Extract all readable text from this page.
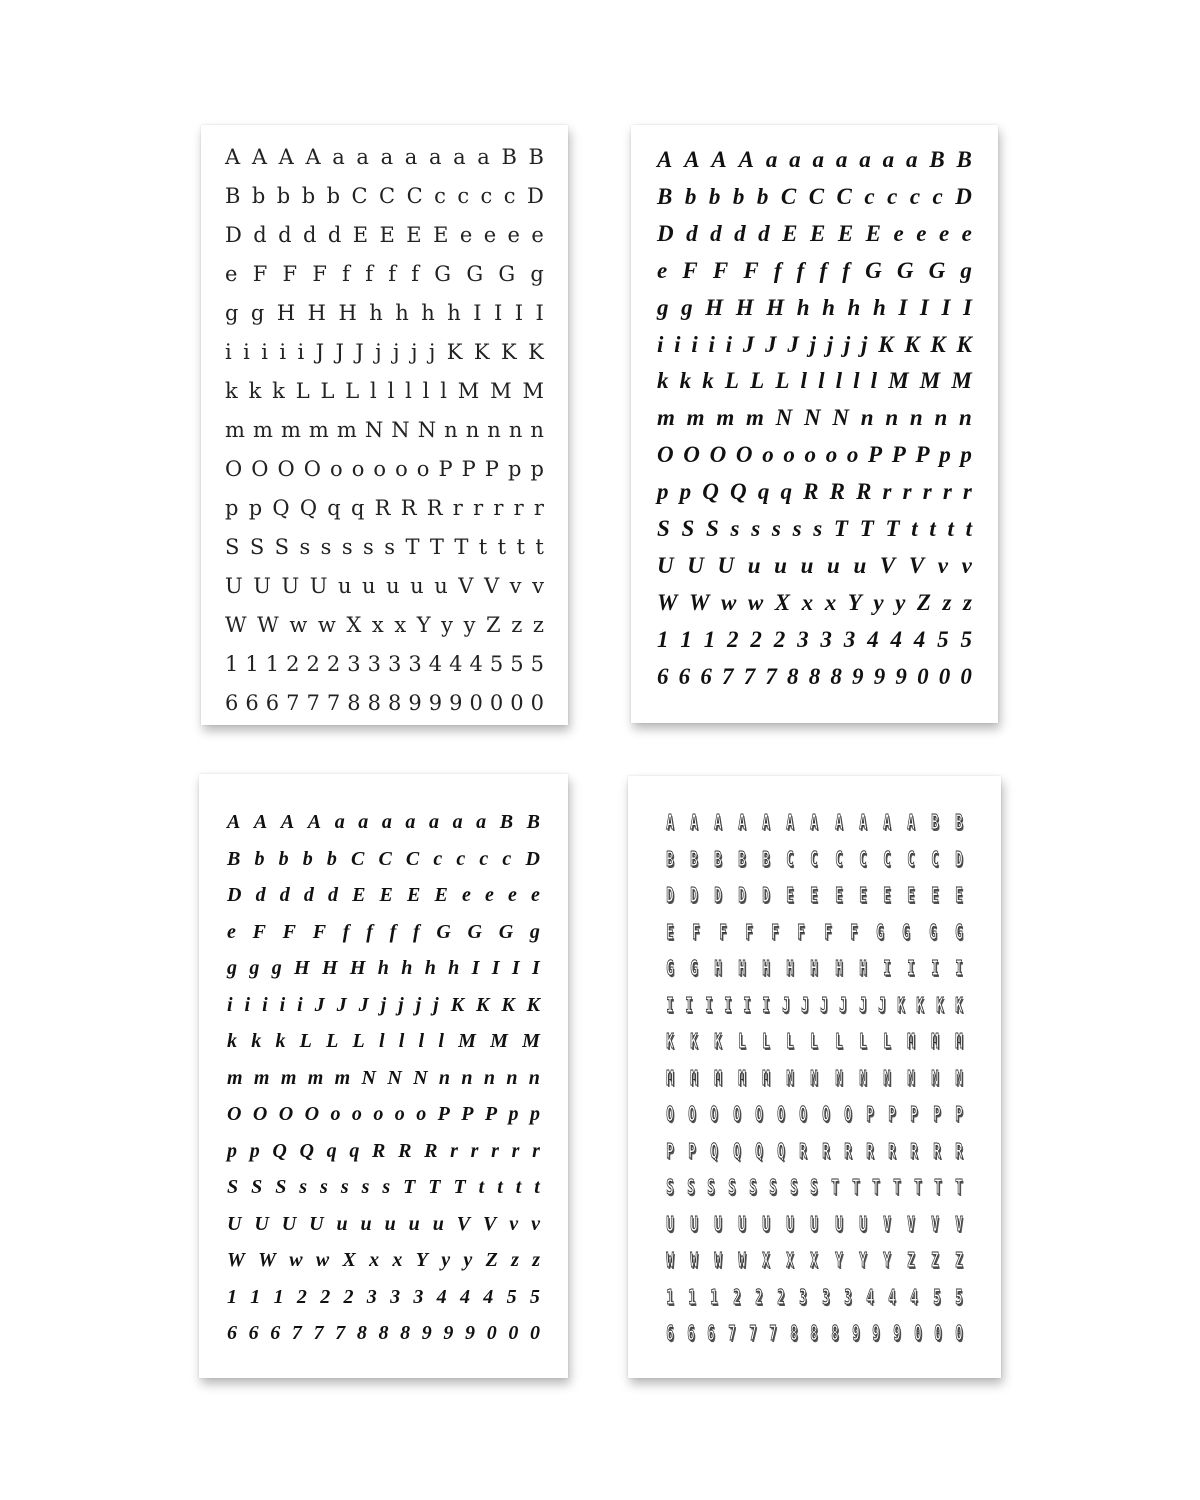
A A A A a a a a a a a B B
B b b b b C C C c c c c D
D d d d d E E E E e e e e
e F F F f f f f G G G g
g g H H H h h h h I I I I
i i i i i J J J j j j j K K K K
k k k L L L l l l l l M M M
m m m m m N N N n n n n n
O O O O o o o o o P P P p p
p p Q Q q q R R R r r r r r
S S S s s s s s T T T t t t t
U U U U u u u u u V V v v
W W w w X x x Y y y Z z z
1 1 1 2 2 2 3 3 3 3 4 4 4 5 5 5
6 6 6 7 7 7 8 8 8 9 9 9 0 0 0 0
A A A A a a a a a a a B B
B b b b b C C C c c c c D
D d d d d E E E E e e e e
e F F F f f f f G G G g
g g H H H h h h h I I I I
i i i i i J J J j j j j K K K K
k k k L L L l l l l l M M M
m m m m N N N n n n n n
O O O O o o o o o P P P p p
p p Q Q q q R R R r r r r r
S S S s s s s s T T T t t t t
U U U u u u u u V V v v
W W w w X x x Y y y Z z z
1 1 1 2 2 2 3 3 3 4 4 4 5 5
6 6 6 7 7 7 8 8 8 9 9 9 0 0 0
A A A A a a a a a a a B B
B b b b b C C C c c c c D
D d d d d E E E E e e e e
e F F F f f f f G G G g
g g g H H H h h h h I I I I
i i i i i J J J j j j j K K K K
k k k L L L l l l l M M M
m m m m m N N N n n n n n
O O O O o o o o o P P P p p
p p Q Q q q R R R r r r r r
S S S s s s s s T T T t t t t
U U U U u u u u u V V v v
W W w w X x x Y y y Z z z
1 1 1 2 2 2 3 3 3 4 4 4 5 5
6 6 6 7 7 7 8 8 8 9 9 9 0 0 0
A A A A A A A A A A A B B
B B B B B C C C C C C C D
D D D D D E E E E E E E E
E F F F F F F F G G G G
G G H H H H H H H I I I I
I I I I I I J J J J J J K K K K
K K K L L L L L L L M M M
M M M M M N N N N N N N N
O O O O O O O O O P P P P P
P P Q Q Q Q R R R R R R R R
S S S S S S S S T T T T T T T
U U U U U U U U U V V V V
W W W W X X X Y Y Y Z Z Z
1 1 1 2 2 2 3 3 3 4 4 4 5 5
6 6 6 7 7 7 8 8 8 9 9 9 0 0 0
